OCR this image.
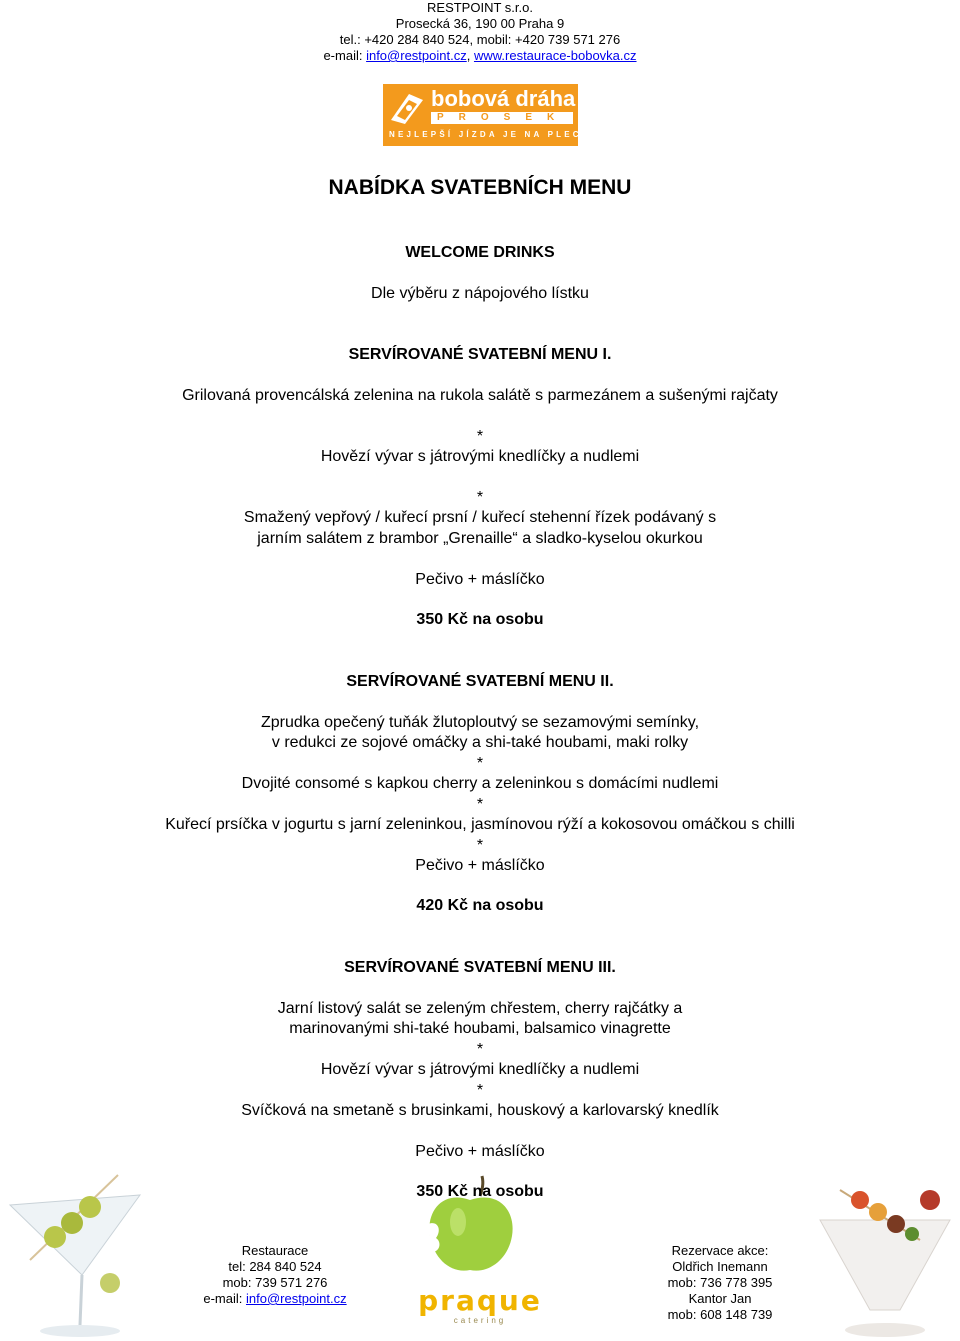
RESTPOINT s.r.o.
Prosecká 36, 190 00 Praha 9
tel.: +420 284 840 524, mobil: +420 739 571 276
e-mail: info@restpoint.cz, www.restaurace-bobovka.cz
bobová dráha
PROSEK
NEJLEPŠÍ JÍZDA JE NA PLECH... U
NABÍDKA SVATEBNÍCH MENU
WELCOME DRINKS
Dle výběru z nápojového lístku
SERVÍROVANÉ SVATEBNÍ MENU I.
Grilovaná provencálská zelenina na rukola salátě s parmezánem a sušenými rajčaty
*
Hovězí vývar s játrovými knedlíčky a nudlemi
*
Smažený vepřový / kuřecí prsní / kuřecí stehenní řízek podávaný s
jarním salátem z brambor „Grenaille“ a sladko-kyselou okurkou
Pečivo + máslíčko
350 Kč na osobu
SERVÍROVANÉ SVATEBNÍ MENU II.
Zprudka opečený tuňák žlutoploutvý se sezamovými semínky,
v redukci ze sojové omáčky a shi-také houbami, maki rolky
*
Dvojité consomé s kapkou cherry a zeleninkou s domácími nudlemi
*
Kuřecí prsíčka v jogurtu s jarní zeleninkou, jasmínovou rýží a kokosovou omáčkou s chilli
*
Pečivo + máslíčko
420 Kč na osobu
SERVÍROVANÉ SVATEBNÍ MENU III.
Jarní listový salát se zeleným chřestem, cherry rajčátky a
marinovanými shi-také houbami, balsamico vinagrette
*
Hovězí vývar s játrovými knedlíčky a nudlemi
*
Svíčková na smetaně s brusinkami, houskový a karlovarský knedlík
Pečivo + máslíčko
350 Kč na osobu
Restaurace
tel: 284 840 524
mob: 739 571 276
e-mail: info@restpoint.cz	praque
catering
Rezervace akce:
Oldřich Inemann
mob: 736 778 395
Kantor Jan
mob: 608 148 739
